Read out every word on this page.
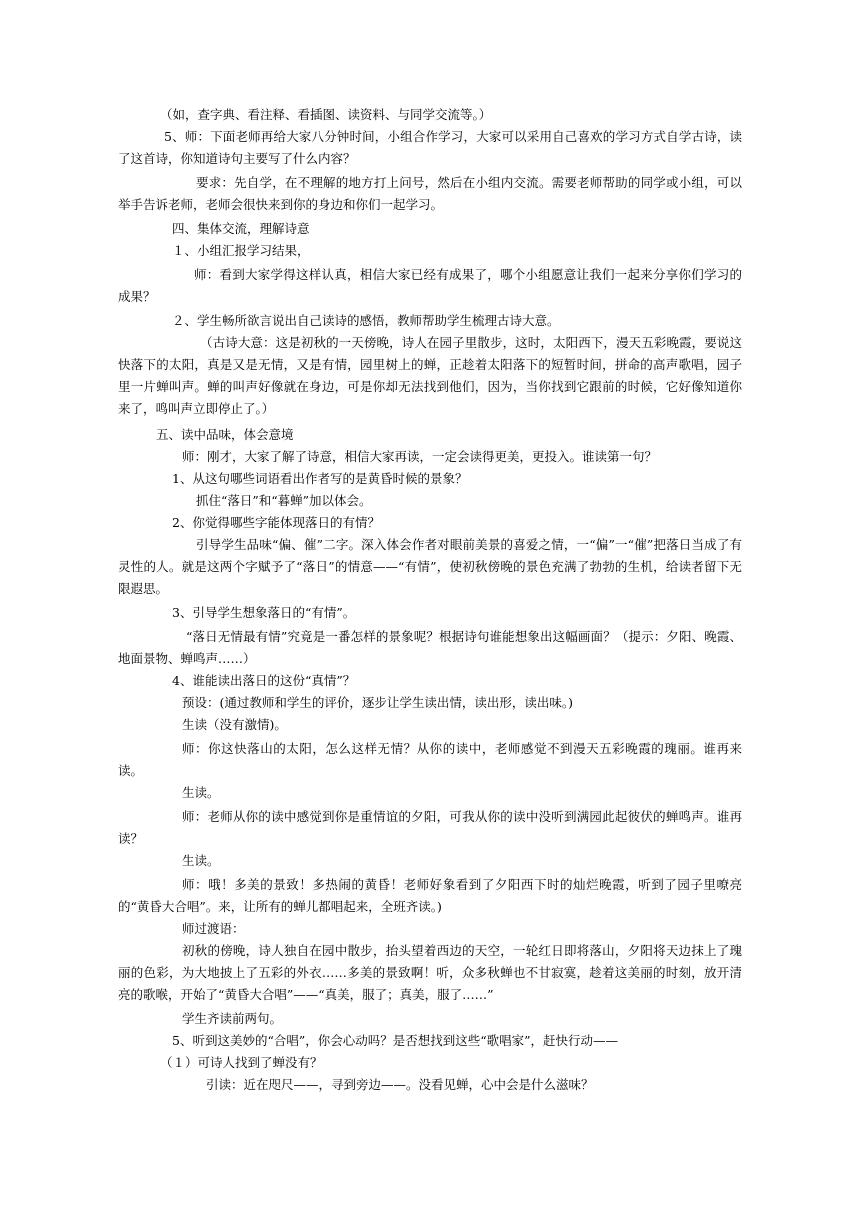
（如，查字典、看注释、看插图、读资料、与同学交流等。）

5、师：下面老师再给大家八分钟时间，小组合作学习，大家可以采用自己喜欢的学习方式自学古诗，读了这首诗，你知道诗句主要写了什么内容？

要求：先自学，在不理解的地方打上问号，然后在小组内交流。需要老师帮助的同学或小组，可以举手告诉老师，老师会很快来到你的身边和你们一起学习。

四、集体交流，理解诗意

１、小组汇报学习结果，

师：看到大家学得这样认真，相信大家已经有成果了，哪个小组愿意让我们一起来分享你们学习的成果？

２、学生畅所欲言说出自己读诗的感悟，教师帮助学生梳理古诗大意。

（古诗大意：这是初秋的一天傍晚，诗人在园子里散步，这时，太阳西下，漫天五彩晚霞，要说这快落下的太阳，真是又是无情，又是有情，园里树上的蝉，正趁着太阳落下的短暂时间，拼命的高声歌唱，园子里一片蝉叫声。蝉的叫声好像就在身边，可是你却无法找到他们，因为，当你找到它跟前的时候，它好像知道你来了，鸣叫声立即停止了。）

五、读中品味，体会意境

师：刚才，大家了解了诗意，相信大家再读，一定会读得更美，更投入。谁读第一句？

1、从这句哪些词语看出作者写的是黄昏时候的景象？

抓住“落日”和“暮蝉”加以体会。

2、你觉得哪些字能体现落日的有情？

引导学生品味“偏、催”二字。深入体会作者对眼前美景的喜爱之情，一“偏”一“催”把落日当成了有灵性的人。就是这两个字赋予了“落日”的情意——“有情”，使初秋傍晚的景色充满了勃勃的生机，给读者留下无限遐思。

3、引导学生想象落日的“有情”。

“落日无情最有情”究竟是一番怎样的景象呢？根据诗句谁能想象出这幅画面？（提示：夕阳、晚霞、地面景物、蝉鸣声……）

4、谁能读出落日的这份“真情”？

预设：(通过教师和学生的评价，逐步让学生读出情，读出形，读出味。)

生读（没有激情)。

师：你这快落山的太阳，怎么这样无情？从你的读中，老师感觉不到漫天五彩晚霞的瑰丽。谁再来读。

生读。

师：老师从你的读中感觉到你是重情谊的夕阳，可我从你的读中没听到满园此起彼伏的蝉鸣声。谁再读？

生读。

师：哦！多美的景致！多热闹的黄昏！老师好象看到了夕阳西下时的灿烂晚霞，听到了园子里嘹亮的“黄昏大合唱”。来，让所有的蝉儿都唱起来，全班齐读。)

师过渡语：

初秋的傍晚，诗人独自在园中散步，抬头望着西边的天空，一轮红日即将落山，夕阳将天边抹上了瑰丽的色彩，为大地披上了五彩的外衣……多美的景致啊！听，众多秋蝉也不甘寂寞，趁着这美丽的时刻，放开清亮的歌喉，开始了“黄昏大合唱”——“真美，服了；真美，服了……”

学生齐读前两句。

5、听到这美妙的“合唱”，你会心动吗？是否想找到这些“歌唱家”，赶快行动——

（１）可诗人找到了蝉没有？

引读：近在咫尺——，寻到旁边——。没看见蝉，心中会是什么滋味？
